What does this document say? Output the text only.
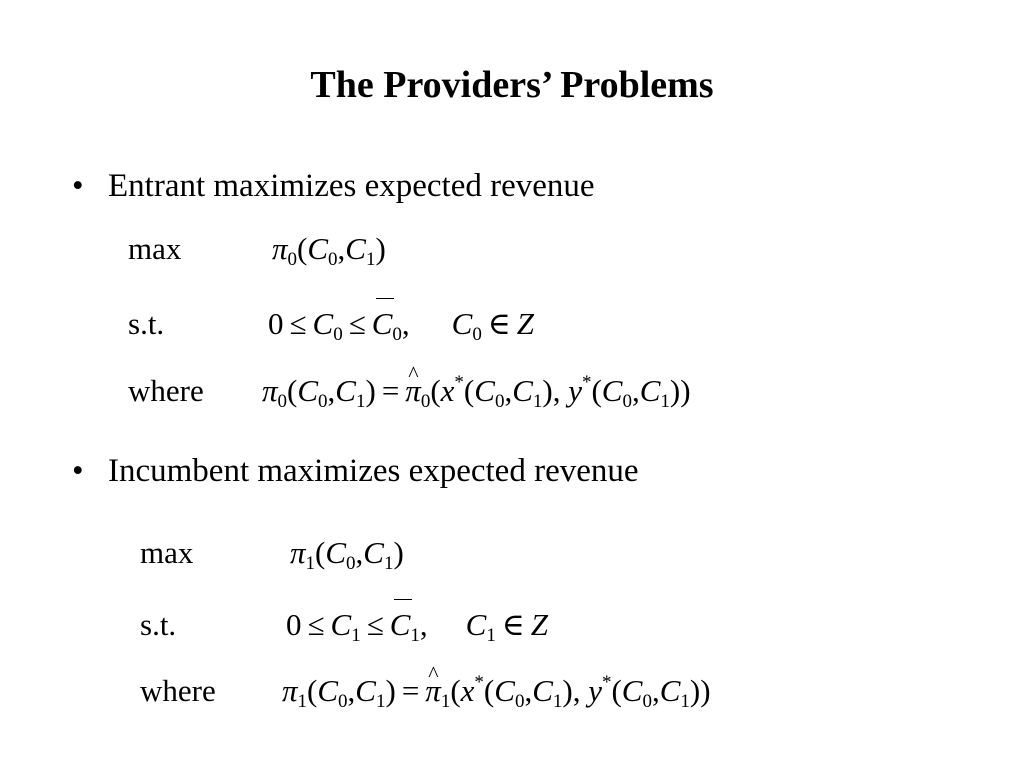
The Providers’ Problems
• Entrant maximizes expected revenue
max	$\pi_0(C_0,C_1)$
s.t.	$0 \le C_0 \le C_0$, $C_0$ ∈ Z
where $\pi_0(C_0,C_1) = \pi$ $\^{}_0(x^*(C_0,C_1)$, $y^*(C_0,C_1)$)
• Incumbent maximizes expected revenue
max	$\pi_1(C_0,C_1)$
s.t.	$0 \le C_1 \le C_1$, $C_1$ ∈ Z
where $\pi_1(C_0,C_1) = \pi$ $\^{}_1(x^*(C_0,C_1)$, $y^*(C_0,C_1)$)
